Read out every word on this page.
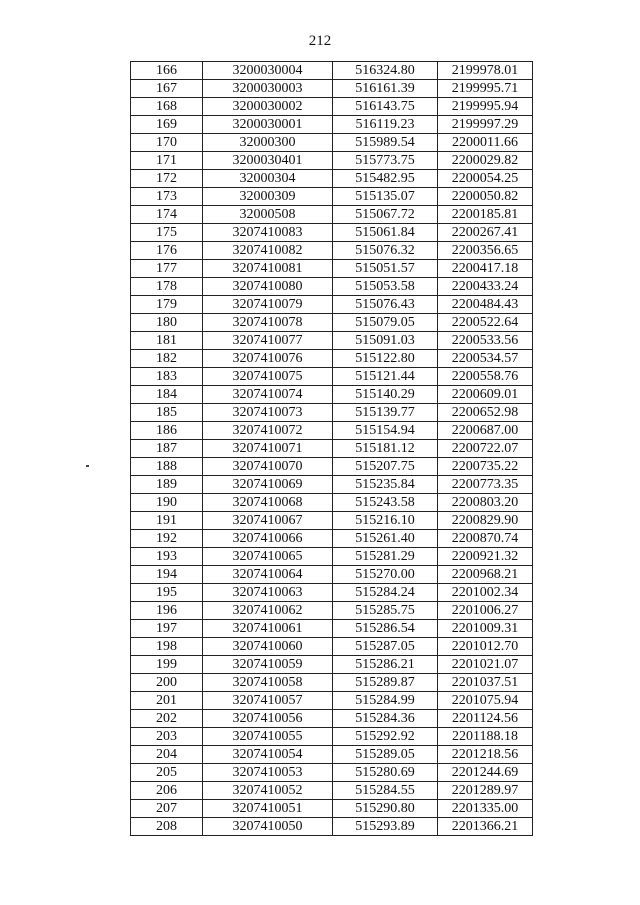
212
166	3200030004	516324.80	2199978.01
167	3200030003	516161.39	2199995.71
168	3200030002	516143.75	2199995.94
169	3200030001	516119.23	2199997.29
170	32000300	515989.54	2200011.66
171	3200030401	515773.75	2200029.82
172	32000304	515482.95	2200054.25
173	32000309	515135.07	2200050.82
174	32000508	515067.72	2200185.81
175	3207410083	515061.84	2200267.41
176	3207410082	515076.32	2200356.65
177	3207410081	515051.57	2200417.18
178	3207410080	515053.58	2200433.24
179	3207410079	515076.43	2200484.43
180	3207410078	515079.05	2200522.64
181	3207410077	515091.03	2200533.56
182	3207410076	515122.80	2200534.57
183	3207410075	515121.44	2200558.76
184	3207410074	515140.29	2200609.01
185	3207410073	515139.77	2200652.98
186	3207410072	515154.94	2200687.00
187	3207410071	515181.12	2200722.07
188	3207410070	515207.75	2200735.22
189	3207410069	515235.84	2200773.35
190	3207410068	515243.58	2200803.20
191	3207410067	515216.10	2200829.90
192	3207410066	515261.40	2200870.74
193	3207410065	515281.29	2200921.32
194	3207410064	515270.00	2200968.21
195	3207410063	515284.24	2201002.34
196	3207410062	515285.75	2201006.27
197	3207410061	515286.54	2201009.31
198	3207410060	515287.05	2201012.70
199	3207410059	515286.21	2201021.07
200	3207410058	515289.87	2201037.51
201	3207410057	515284.99	2201075.94
202	3207410056	515284.36	2201124.56
203	3207410055	515292.92	2201188.18
204	3207410054	515289.05	2201218.56
205	3207410053	515280.69	2201244.69
206	3207410052	515284.55	2201289.97
207	3207410051	515290.80	2201335.00
208	3207410050	515293.89	2201366.21
